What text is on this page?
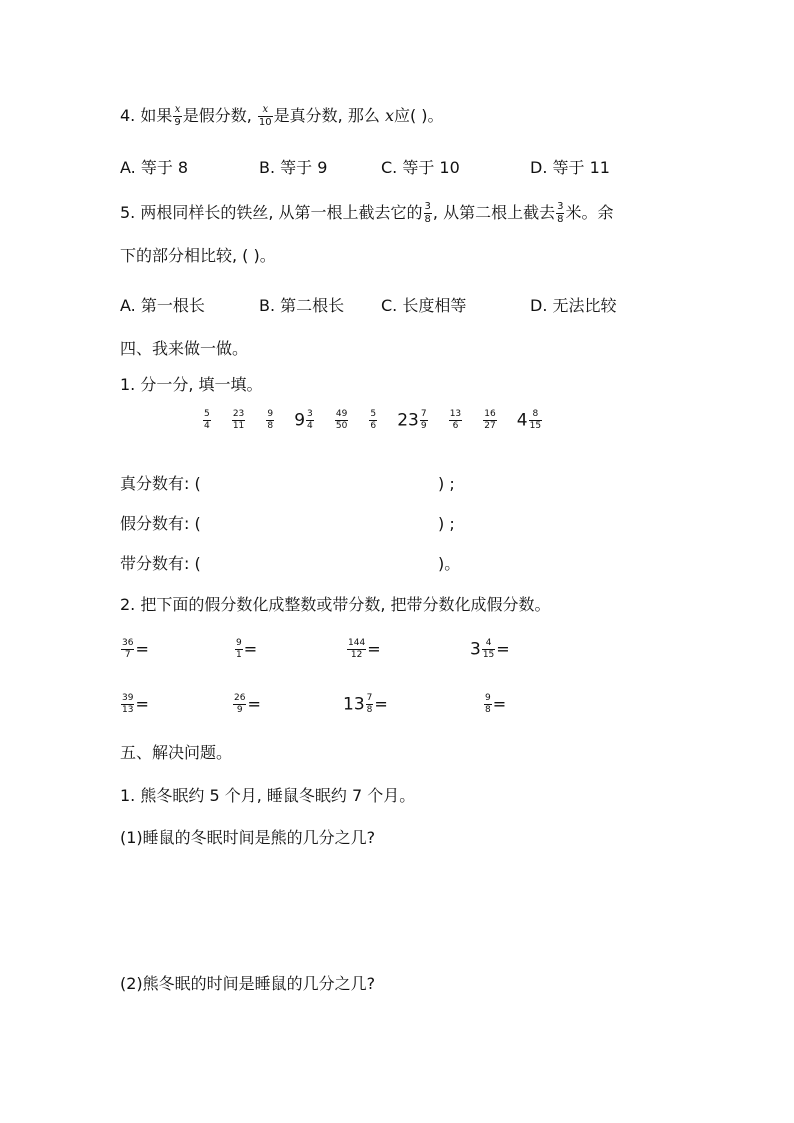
4. 如果 $\frac{x}{9}$ 是假分数, $\frac{x}{10}$ 是真分数, 那么 x应( )。
A. 等于 8	B. 等于 9	C. 等于 10	D. 等于 11
5. 两根同样长的铁丝, 从第一根上截去它的 $\frac{3}{8}$ , 从第二根上截去 $\frac{3}{8}$ 米。余
下的部分相比较, ( )。
A. 第一根长	B. 第二根长 C. 长度相等	D. 无法比较
四、我来做一做。
1. 分一分, 填一填。
$\frac{5}{4}$
$\frac{23}{11}$
$\frac{9}{8} 9 \frac{3}{4}$
$\frac{49}{50}$
$\frac{5}{6} 23 \frac{7}{9}$
$\frac{13}{6}$
$\frac{16}{27} 4 \frac{8}{15}$
真分数有: (	) ;
假分数有: (	) ;
带分数有: (	)。
2. 把下面的假分数化成整数或带分数, 把带分数化成假分数。
$\frac{36}{7}$ =	$\frac{9}{1}$ =	$\frac{144}{12}$ =	$3 \frac{4}{15}$ =
$\frac{39}{13}$ =	$\frac{26}{9}$ =	$13 \frac{7}{8}$ =	$\frac{9}{8}$ =
五、解决问题。
1. 熊冬眠约 5 个月, 睡鼠冬眠约 7 个月。
(1)睡鼠的冬眠时间是熊的几分之几?
(2)熊冬眠的时间是睡鼠的几分之几?
